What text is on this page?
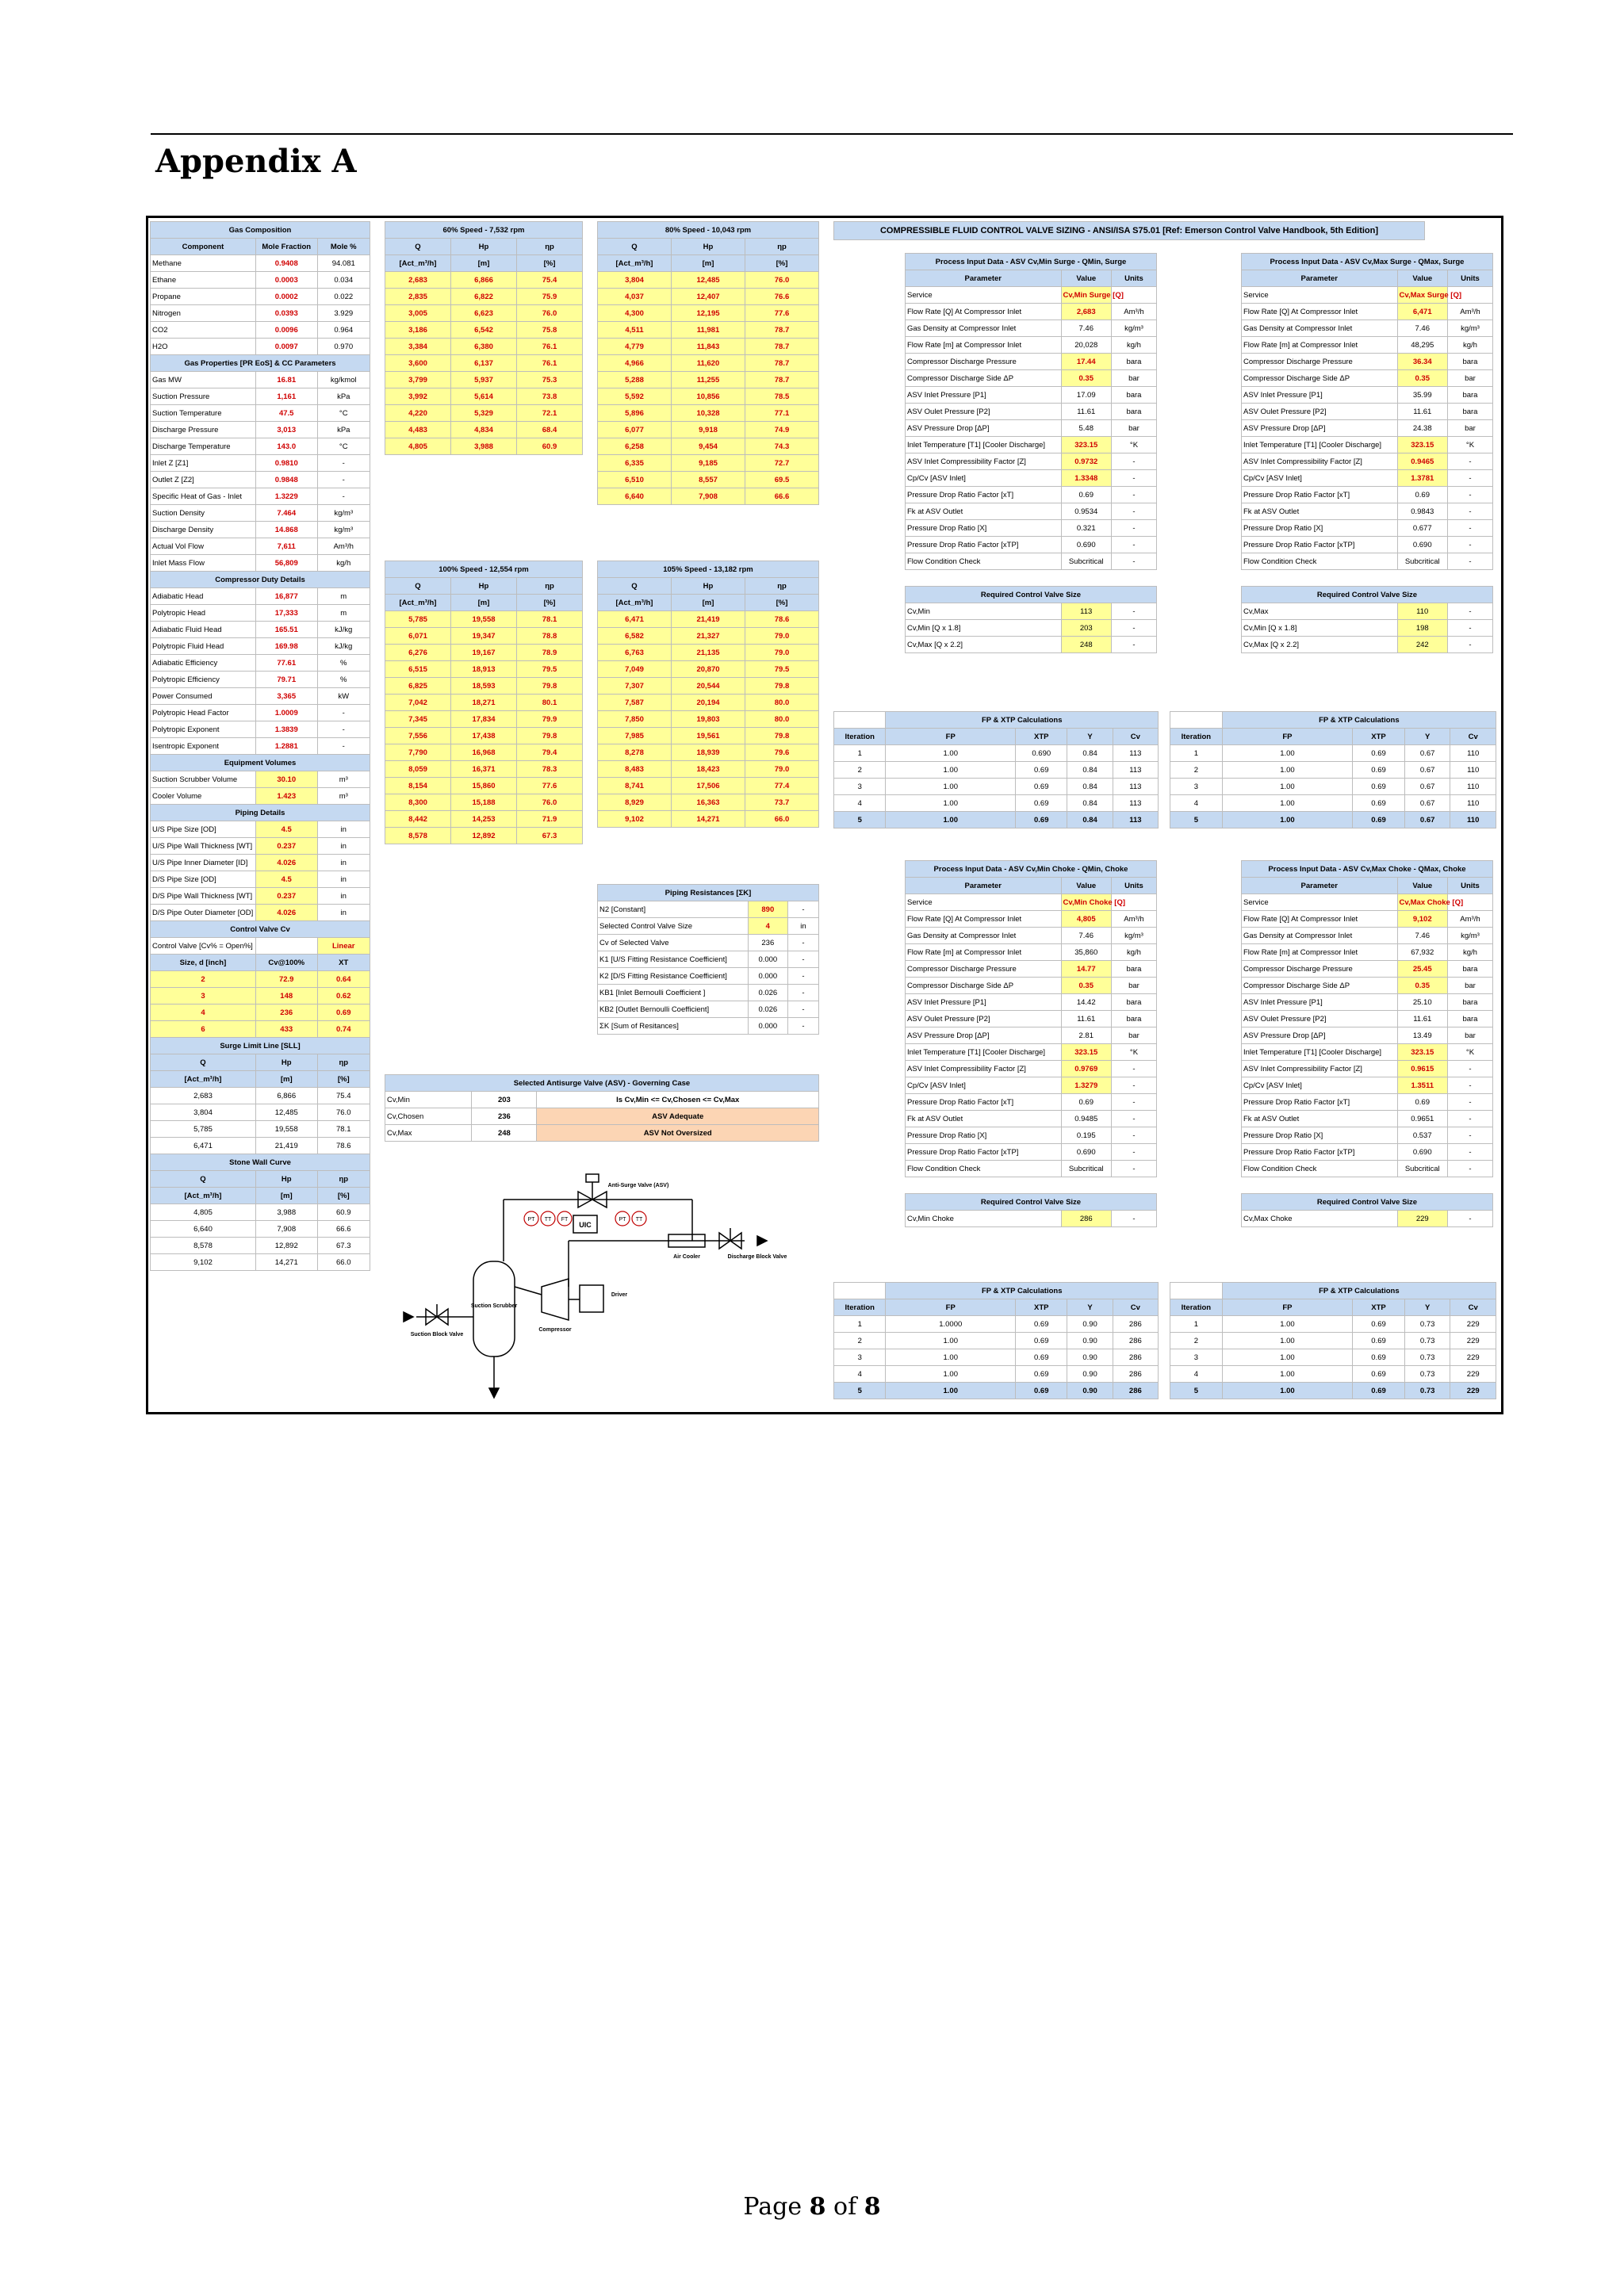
Appendix A
Gas Composition		
Component	Mole Fraction	Mole %
Methane	0.9408	94.081
Ethane	0.0003	0.034
Propane	0.0002	0.022
Nitrogen	0.0393	3.929
CO2	0.0096	0.964
H2O	0.0097	0.970
Gas Properties [PR EoS] & CC Parameters		
Gas MW	16.81	kg/kmol
Suction Pressure	1,161	kPa
Suction Temperature	47.5	°C
Discharge Pressure	3,013	kPa
Discharge Temperature	143.0	°C
Inlet Z [Z1]	0.9810	-
Outlet Z [Z2]	0.9848	-
Specific Heat of Gas - Inlet	1.3229	-
Suction Density	7.464	kg/m³
Discharge Density	14.868	kg/m³
Actual Vol Flow	7,611	Am³/h
Inlet Mass Flow	56,809	kg/h
Compressor Duty Details		
Adiabatic Head	16,877	m
Polytropic Head	17,333	m
Adiabatic Fluid Head	165.51	kJ/kg
Polytropic Fluid Head	169.98	kJ/kg
Adiabatic Efficiency	77.61	%
Polytropic Efficiency	79.71	%
Power Consumed	3,365	kW
Polytropic Head Factor	1.0009	-
Polytropic Exponent	1.3839	-
Isentropic Exponent	1.2881	-
Equipment Volumes		
Suction Scrubber Volume	30.10	m³
Cooler Volume	1.423	m³
Piping Details		
U/S Pipe Size [OD]	4.5	in
U/S Pipe Wall Thickness [WT]	0.237	in
U/S Pipe Inner Diameter [ID]	4.026	in
D/S Pipe Size [OD]	4.5	in
D/S Pipe Wall Thickness [WT]	0.237	in
D/S Pipe Outer Diameter [OD]	4.026	in
Control Valve Cv		
Control Valve [Cv% = Open%]		Linear
Size, d [inch]	Cv@100%	XT
2	72.9	0.64
3	148	0.62
4	236	0.69
6	433	0.74
Surge Limit Line [SLL]		
Q	Hp	ηp
[Act_m³/h]	[m]	[%]
2,683	6,866	75.4
3,804	12,485	76.0
5,785	19,558	78.1
6,471	21,419	78.6
Stone Wall Curve		
Q	Hp	ηp
[Act_m³/h]	[m]	[%]
4,805	3,988	60.9
6,640	7,908	66.6
8,578	12,892	67.3
9,102	14,271	66.0
60% Speed - 7,532 rpm		
Q	Hp	ηp
[Act_m³/h]	[m]	[%]
2,683	6,866	75.4
2,835	6,822	75.9
3,005	6,623	76.0
3,186	6,542	75.8
3,384	6,380	76.1
3,600	6,137	76.1
3,799	5,937	75.3
3,992	5,614	73.8
4,220	5,329	72.1
4,483	4,834	68.4
4,805	3,988	60.9
80% Speed - 10,043 rpm		
Q	Hp	ηp
[Act_m³/h]	[m]	[%]
3,804	12,485	76.0
4,037	12,407	76.6
4,300	12,195	77.6
4,511	11,981	78.7
4,779	11,843	78.7
4,966	11,620	78.7
5,288	11,255	78.7
5,592	10,856	78.5
5,896	10,328	77.1
6,077	9,918	74.9
6,258	9,454	74.3
6,335	9,185	72.7
6,510	8,557	69.5
6,640	7,908	66.6
100% Speed - 12,554 rpm		
Q	Hp	ηp
[Act_m³/h]	[m]	[%]
5,785	19,558	78.1
6,071	19,347	78.8
6,276	19,167	78.9
6,515	18,913	79.5
6,825	18,593	79.8
7,042	18,271	80.1
7,345	17,834	79.9
7,556	17,438	79.8
7,790	16,968	79.4
8,059	16,371	78.3
8,154	15,860	77.6
8,300	15,188	76.0
8,442	14,253	71.9
8,578	12,892	67.3
105% Speed - 13,182 rpm		
Q	Hp	ηp
[Act_m³/h]	[m]	[%]
6,471	21,419	78.6
6,582	21,327	79.0
6,763	21,135	79.0
7,049	20,870	79.5
7,307	20,544	79.8
7,587	20,194	80.0
7,850	19,803	80.0
7,985	19,561	79.8
8,278	18,939	79.6
8,483	18,423	79.0
8,741	17,506	77.4
8,929	16,363	73.7
9,102	14,271	66.0
Piping Resistances [ΣK]		
N2 [Constant]	890	-
Selected Control Valve Size	4	in
Cv of Selected Valve	236	-
K1 [U/S Fitting Resistance Coefficient]	0.000	-
K2 [D/S Fitting Resistance Coefficient]	0.000	-
KB1 [Inlet Bernoulli Coefficient ]	0.026	-
KB2 [Outlet Bernoulli Coefficient]	0.026	-
ΣK [Sum of Resitances]	0.000	-
Selected Antisurge Valve (ASV) - Governing Case		
Cv,Min	203	Is Cv,Min <= Cv,Chosen <= Cv,Max
Cv,Chosen	236	ASV Adequate
Cv,Max	248	ASV Not Oversized
PT TT FT	PT TT
UIC
Anti-Surge Valve (ASV)
Suction Scrubber
Compressor
Driver
Air Cooler	Discharge Block Valve
Suction Block Valve
COMPRESSIBLE FLUID CONTROL VALVE SIZING - ANSI/ISA S75.01 [Ref: Emerson Control Valve Handbook, 5th Edition]
Process Input Data - ASV Cv,Min Surge - QMin, Surge		
Parameter	Value	Units
Service	Cv,Min Surge [Q]	
Flow Rate [Q] At Compressor Inlet	2,683	Am³/h
Gas Density at Compressor Inlet	7.46	kg/m³
Flow Rate [m] at Compressor Inlet	20,028	kg/h
Compressor Discharge Pressure	17.44	bara
Compressor Discharge Side ΔP	0.35	bar
ASV Inlet Pressure [P1]	17.09	bara
ASV Oulet Pressure [P2]	11.61	bara
ASV Pressure Drop [ΔP]	5.48	bar
Inlet Temperature [T1] [Cooler Discharge]	323.15	°K
ASV Inlet Compressibility Factor [Z]	0.9732	-
Cp/Cv [ASV Inlet]	1.3348	-
Pressure Drop Ratio Factor [xT]	0.69	-
Fk at ASV Outlet	0.9534	-
Pressure Drop Ratio [X]	0.321	-
Pressure Drop Ratio Factor [xTP]	0.690	-
Flow Condition Check	Subcritical	-

Required Control Valve Size		
Cv,Min	113	-
Cv,Min [Q x 1.8]	203	-
Cv,Max [Q x 2.2]	248	-
Process Input Data - ASV Cv,Max Surge - QMax, Surge		
Parameter	Value	Units
Service	Cv,Max Surge [Q]	
Flow Rate [Q] At Compressor Inlet	6,471	Am³/h
Gas Density at Compressor Inlet	7.46	kg/m³
Flow Rate [m] at Compressor Inlet	48,295	kg/h
Compressor Discharge Pressure	36.34	bara
Compressor Discharge Side ΔP	0.35	bar
ASV Inlet Pressure [P1]	35.99	bara
ASV Oulet Pressure [P2]	11.61	bara
ASV Pressure Drop [ΔP]	24.38	bar
Inlet Temperature [T1] [Cooler Discharge]	323.15	°K
ASV Inlet Compressibility Factor [Z]	0.9465	-
Cp/Cv [ASV Inlet]	1.3781	-
Pressure Drop Ratio Factor [xT]	0.69	-
Fk at ASV Outlet	0.9843	-
Pressure Drop Ratio [X]	0.677	-
Pressure Drop Ratio Factor [xTP]	0.690	-
Flow Condition Check	Subcritical	-

Required Control Valve Size		
Cv,Max	110	-
Cv,Min [Q x 1.8]	198	-
Cv,Max [Q x 2.2]	242	-
Process Input Data - ASV Cv,Min Choke - QMin, Choke		
Parameter	Value	Units
Service	Cv,Min Choke [Q]	
Flow Rate [Q] At Compressor Inlet	4,805	Am³/h
Gas Density at Compressor Inlet	7.46	kg/m³
Flow Rate [m] at Compressor Inlet	35,860	kg/h
Compressor Discharge Pressure	14.77	bara
Compressor Discharge Side ΔP	0.35	bar
ASV Inlet Pressure [P1]	14.42	bara
ASV Oulet Pressure [P2]	11.61	bara
ASV Pressure Drop [ΔP]	2.81	bar
Inlet Temperature [T1] [Cooler Discharge]	323.15	°K
ASV Inlet Compressibility Factor [Z]	0.9769	-
Cp/Cv [ASV Inlet]	1.3279	-
Pressure Drop Ratio Factor [xT]	0.69	-
Fk at ASV Outlet	0.9485	-
Pressure Drop Ratio [X]	0.195	-
Pressure Drop Ratio Factor [xTP]	0.690	-
Flow Condition Check	Subcritical	-

Required Control Valve Size		
Cv,Min Choke	286	-
Process Input Data - ASV Cv,Max Choke - QMax, Choke		
Parameter	Value	Units
Service	Cv,Max Choke [Q]	
Flow Rate [Q] At Compressor Inlet	9,102	Am³/h
Gas Density at Compressor Inlet	7.46	kg/m³
Flow Rate [m] at Compressor Inlet	67,932	kg/h
Compressor Discharge Pressure	25.45	bara
Compressor Discharge Side ΔP	0.35	bar
ASV Inlet Pressure [P1]	25.10	bara
ASV Oulet Pressure [P2]	11.61	bara
ASV Pressure Drop [ΔP]	13.49	bar
Inlet Temperature [T1] [Cooler Discharge]	323.15	°K
ASV Inlet Compressibility Factor [Z]	0.9615	-
Cp/Cv [ASV Inlet]	1.3511	-
Pressure Drop Ratio Factor [xT]	0.69	-
Fk at ASV Outlet	0.9651	-
Pressure Drop Ratio [X]	0.537	-
Pressure Drop Ratio Factor [xTP]	0.690	-
Flow Condition Check	Subcritical	-

Required Control Valve Size		
Cv,Max Choke	229	-
	FP & XTP Calculations			
Iteration	FP	XTP	Y	Cv
1	1.00	0.690	0.84	113
2	1.00	0.69	0.84	113
3	1.00	0.69	0.84	113
4	1.00	0.69	0.84	113
5	1.00	0.69	0.84	113
	FP & XTP Calculations			
Iteration	FP	XTP	Y	Cv
1	1.00	0.69	0.67	110
2	1.00	0.69	0.67	110
3	1.00	0.69	0.67	110
4	1.00	0.69	0.67	110
5	1.00	0.69	0.67	110
	FP & XTP Calculations			
Iteration	FP	XTP	Y	Cv
1	1.0000	0.69	0.90	286
2	1.00	0.69	0.90	286
3	1.00	0.69	0.90	286
4	1.00	0.69	0.90	286
5	1.00	0.69	0.90	286
	FP & XTP Calculations			
Iteration	FP	XTP	Y	Cv
1	1.00	0.69	0.73	229
2	1.00	0.69	0.73	229
3	1.00	0.69	0.73	229
4	1.00	0.69	0.73	229
5	1.00	0.69	0.73	229
Page 8 of 8
